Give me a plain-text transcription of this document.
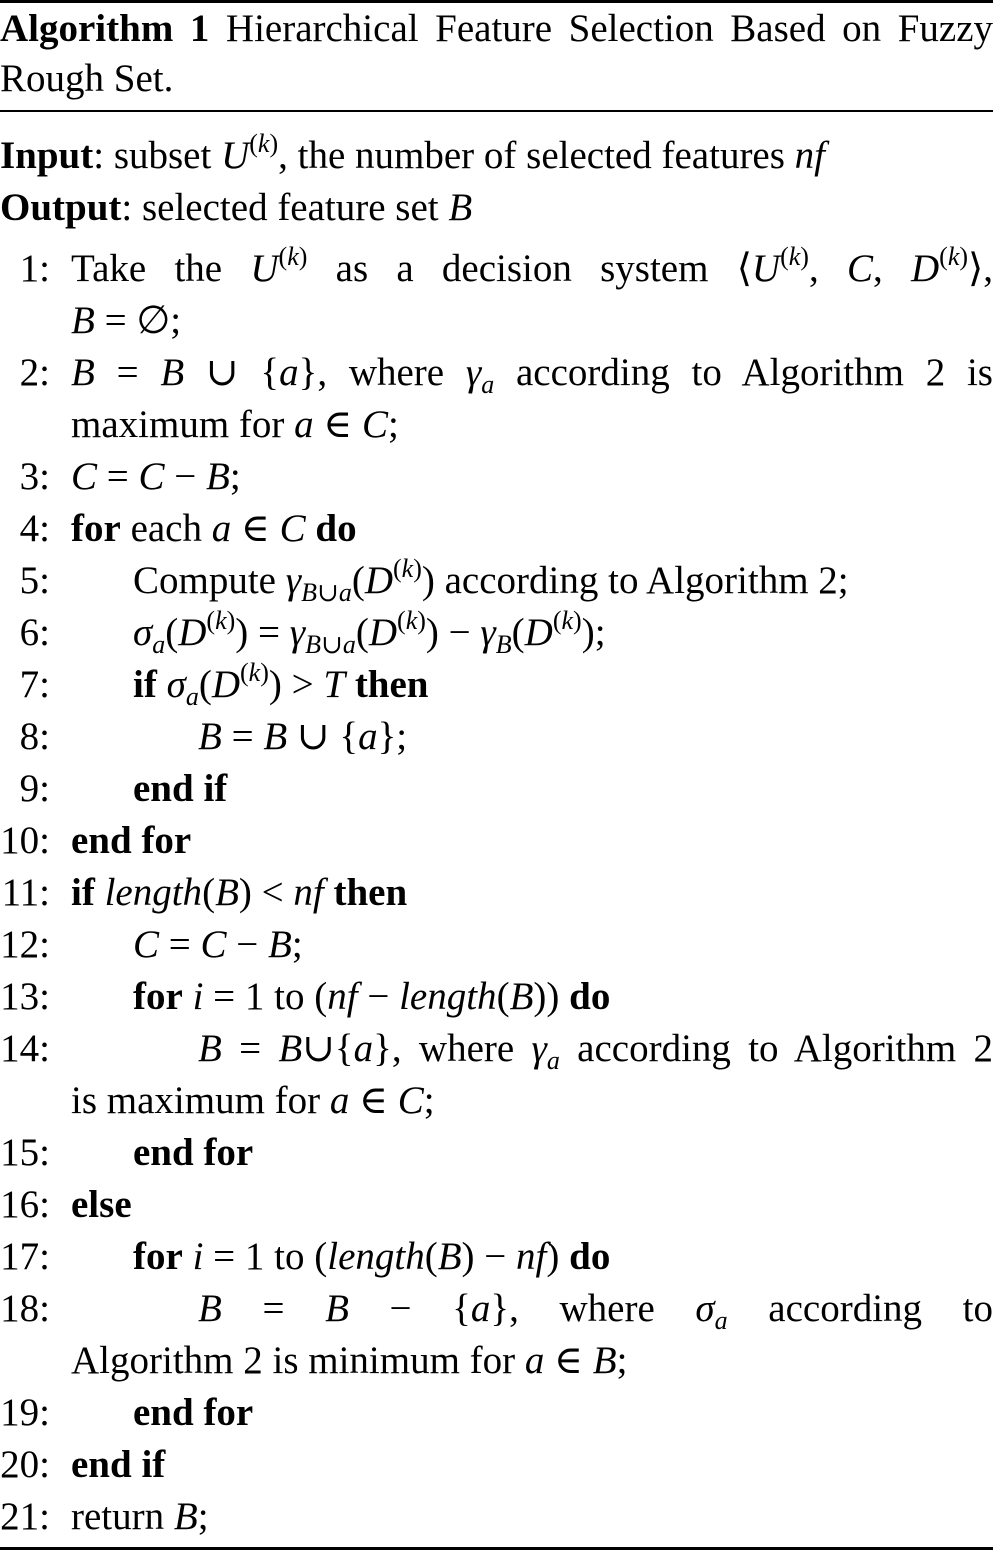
Algorithm 1 Hierarchical Feature Selection Based on Fuzzy Rough Set.
Input: subset $U^{(k)}$, the number of selected features nf
Output: selected feature set B
1: Take the $U^{(k)}$ as a decision system $⟨U^{(k)}$, C, $D^{(k)}⟩$,
B = ∅;
2: B = B ∪ {a}, where $\gamma_a$ according to Algorithm 2 is
maximum for a ∈ C;
3: C = C − B;
4: for each a ∈ C do
5: Compute $\gamma_{B\cup a}(D^{(k)})$ according to Algorithm 2;
6: $\sigma_a(D^{(k)}) = \gamma_{B\cup a}(D^{(k)}) - \gamma_B(D^{(k)})$;
7: if $\sigma_a(D^{(k)}) > T$ then
8:	B = B ∪ {a};
9: end if
10: end for
11: if length(B) < nf then
12: C = C − B;
13: for i = 1 to (nf − length(B)) do
14:	B = B∪{a}, where $\gamma_a$ according to Algorithm 2
is maximum for a ∈ C;
15: end for
16: else
17: for i = 1 to (length(B) − nf) do
18:	B = B − {a}, where $\sigma_a$ according to
Algorithm 2 is minimum for a ∈ B;
19: end for
20: end if
21: return B;
